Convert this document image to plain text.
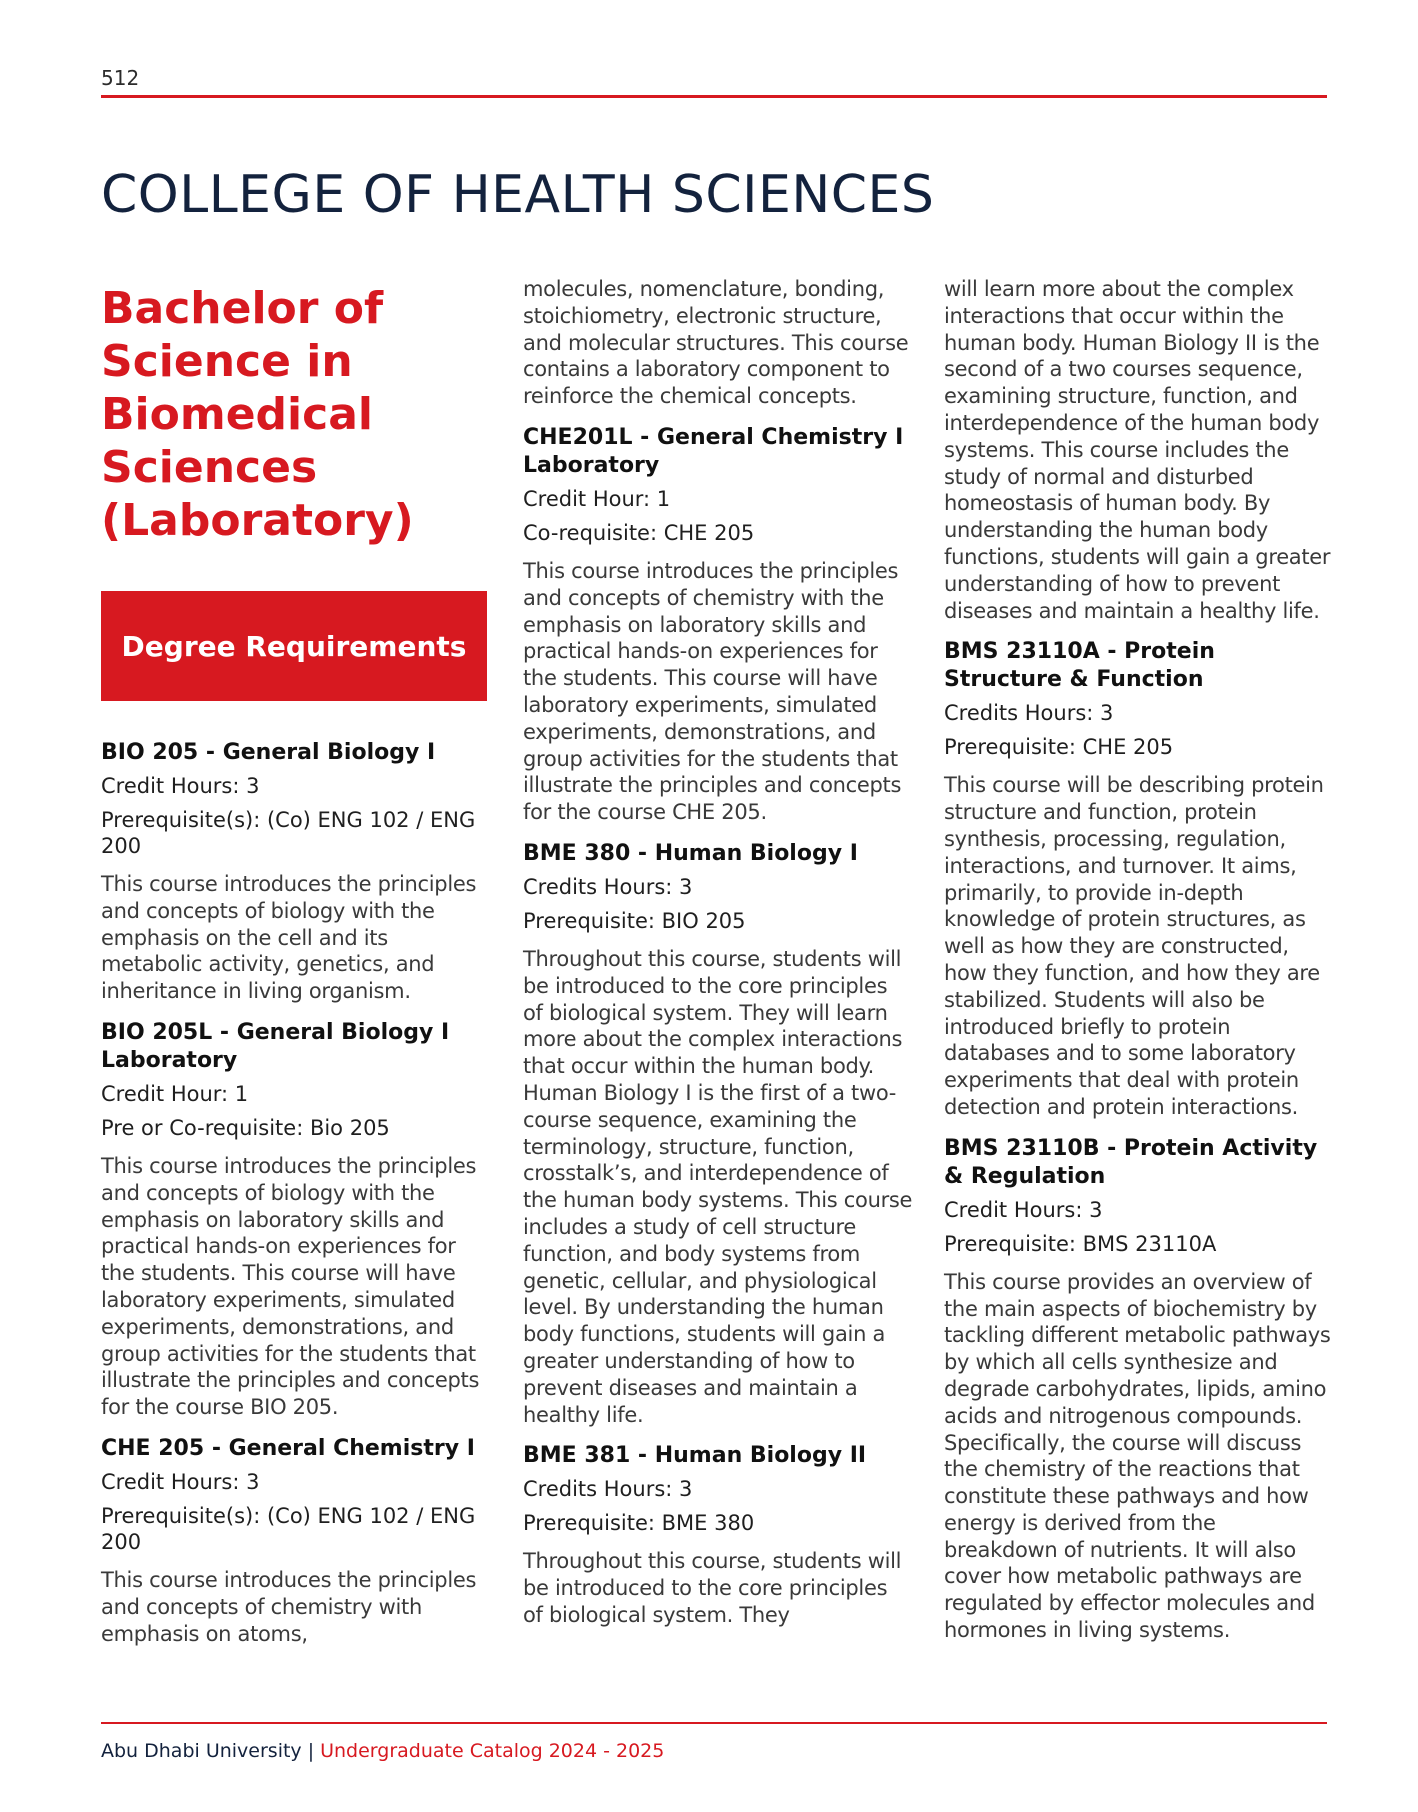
512
COLLEGE OF HEALTH SCIENCES
Bachelor of Science in Biomedical Sciences (Laboratory)
Degree Requirements

BIO 205 - General Biology I

Credit Hours: 3

Prerequisite(s): (Co) ENG 102 / ENG 200

This course introduces the principles and concepts of biology with the emphasis on the cell and its metabolic activity, genetics, and inheritance in living organism.

BIO 205L - General Biology I Laboratory

Credit Hour: 1

Pre or Co-requisite: Bio 205

This course introduces the principles and concepts of biology with the emphasis on laboratory skills and practical hands-on experiences for the students. This course will have laboratory experiments, simulated experiments, demonstrations, and group activities for the students that illustrate the principles and concepts for the course BIO 205.

CHE 205 - General Chemistry I

Credit Hours: 3

Prerequisite(s): (Co) ENG 102 / ENG 200

This course introduces the principles and concepts of chemistry with emphasis on atoms,

molecules, nomenclature, bonding, stoichiometry, electronic structure, and molecular structures. This course contains a laboratory component to reinforce the chemical concepts.

CHE201L - General Chemistry I Laboratory

Credit Hour: 1

Co-requisite: CHE 205

This course introduces the principles and concepts of chemistry with the emphasis on laboratory skills and practical hands-on experiences for the students. This course will have laboratory experiments, simulated experiments, demonstrations, and group activities for the students that illustrate the principles and concepts for the course CHE 205.

BME 380 - Human Biology I

Credits Hours: 3

Prerequisite: BIO 205

Throughout this course, students will be introduced to the core principles of biological system. They will learn more about the complex interactions that occur within the human body. Human Biology I is the first of a two-course sequence, examining the terminology, structure, function, crosstalk’s, and interdependence of the human body systems. This course includes a study of cell structure function, and body systems from genetic, cellular, and physiological level. By understanding the human body functions, students will gain a greater understanding of how to prevent diseases and maintain a healthy life.

BME 381 - Human Biology II

Credits Hours: 3

Prerequisite: BME 380

Throughout this course, students will be introduced to the core principles of biological system. They

will learn more about the complex interactions that occur within the human body. Human Biology II is the second of a two courses sequence, examining structure, function, and interdependence of the human body systems. This course includes the study of normal and disturbed homeostasis of human body. By understanding the human body functions, students will gain a greater understanding of how to prevent diseases and maintain a healthy life.

BMS 23110A - Protein Structure & Function

Credits Hours: 3

Prerequisite: CHE 205

This course will be describing protein structure and function, protein synthesis, processing, regulation, interactions, and turnover. It aims, primarily, to provide in-depth knowledge of protein structures, as well as how they are constructed, how they function, and how they are stabilized. Students will also be introduced briefly to protein databases and to some laboratory experiments that deal with protein detection and protein interactions.

BMS 23110B - Protein Activity & Regulation

Credit Hours: 3

Prerequisite: BMS 23110A

This course provides an overview of the main aspects of biochemistry by tackling different metabolic pathways by which all cells synthesize and degrade carbohydrates, lipids, amino acids and nitrogenous compounds. Specifically, the course will discuss the chemistry of the reactions that constitute these pathways and how energy is derived from the breakdown of nutrients. It will also cover how metabolic pathways are regulated by effector molecules and hormones in living systems.

Abu Dhabi University | Undergraduate Catalog 2024 - 2025
